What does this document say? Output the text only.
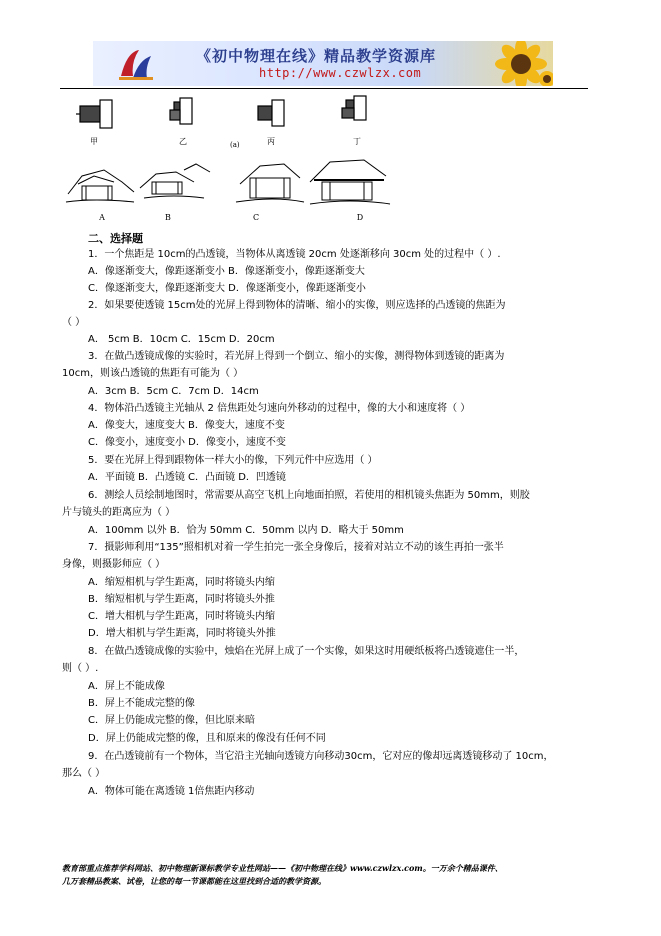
《初中物理在线》精品教学资源库
http://www.czwlzx.com
甲	乙	丙	丁
(a)
A	B	C	D
二、选择题
1．一个焦距是 10cm的凸透镜，当物体从离透镜 20cm 处逐渐移向 30cm 处的过程中（ ）.
A．像逐渐变大，像距逐渐变小 B．像逐渐变小，像距逐渐变大
C．像逐渐变大，像距逐渐变大 D．像逐渐变小，像距逐渐变小
2．如果要使透镜 15cm处的光屏上得到物体的清晰、缩小的实像，则应选择的凸透镜的焦距为
（ ）
A． 5cm B．10cm C．15cm D．20cm
3．在做凸透镜成像的实验时，若光屏上得到一个倒立、缩小的实像，测得物体到透镜的距离为
10cm，则该凸透镜的焦距有可能为（ ）
A．3cm B．5cm C．7cm D．14cm
4．物体沿凸透镜主光轴从 2 倍焦距处匀速向外移动的过程中，像的大小和速度将（ ）
A．像变大，速度变大 B．像变大，速度不变
C．像变小，速度变小 D．像变小，速度不变
5．要在光屏上得到跟物体一样大小的像，下列元件中应选用（ ）
A．平面镜 B．凸透镜 C．凸面镜 D．凹透镜
6．测绘人员绘制地图时，常需要从高空飞机上向地面拍照，若使用的相机镜头焦距为 50mm，则胶
片与镜头的距离应为（ ）
A．100mm 以外 B．恰为 50mm C．50mm 以内 D．略大于 50mm
7．摄影师利用“135”照相机对着一学生拍完一张全身像后，接着对站立不动的该生再拍一张半
身像，则摄影师应（ ）
A．缩短相机与学生距离，同时将镜头内缩
B．缩短相机与学生距离，同时将镜头外推
C．增大相机与学生距离，同时将镜头内缩
D．增大相机与学生距离，同时将镜头外推
8．在做凸透镜成像的实验中，烛焰在光屏上成了一个实像，如果这时用硬纸板将凸透镜遮住一半，
则（ ）.
A．屏上不能成像
B．屏上不能成完整的像
C．屏上仍能成完整的像，但比原来暗
D．屏上仍能成完整的像，且和原来的像没有任何不同
9．在凸透镜前有一个物体，当它沿主光轴向透镜方向移动30cm，它对应的像却远离透镜移动了 10cm，
那么（ ）
A．物体可能在离透镜 1倍焦距内移动
教育部重点推荐学科网站、初中物理新课标教学专业性网站——《初中物理在线》www.czwlzx.com。一万余个精品课件、
几万套精品教案、试卷，让您的每一节课都能在这里找到合适的教学资源。
